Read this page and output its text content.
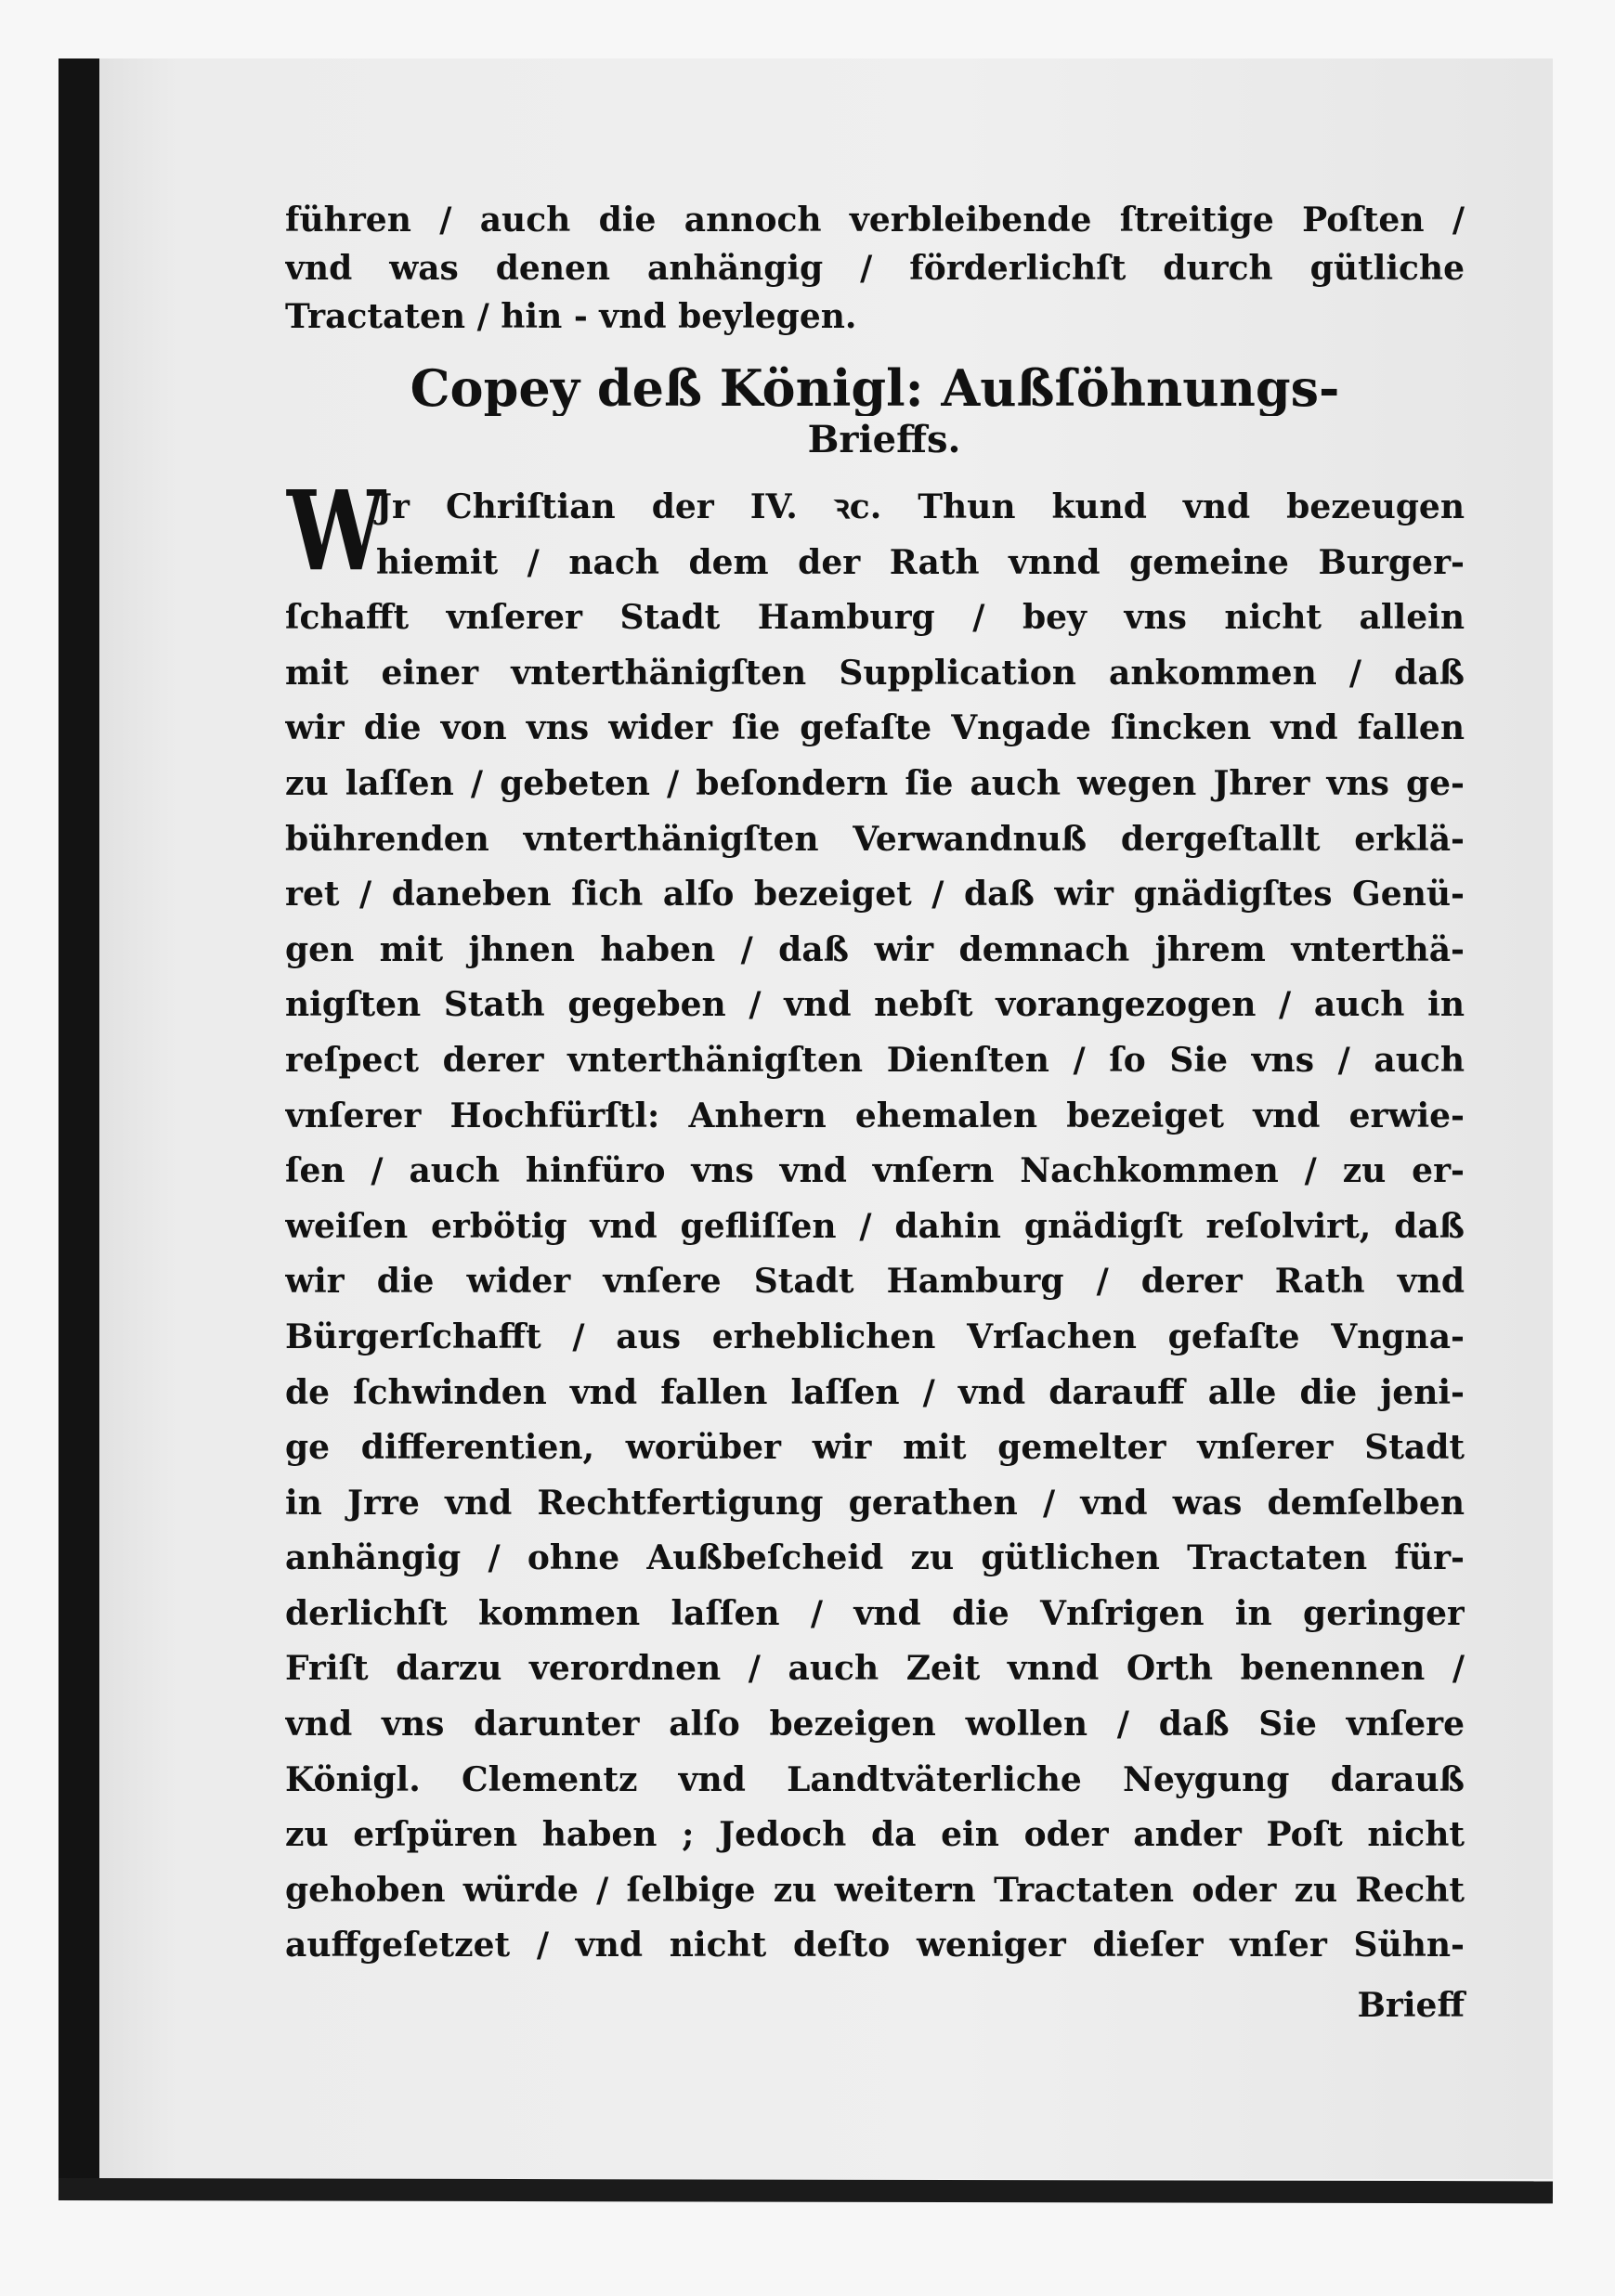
führen / auch die annoch verbleibende ſtreitige Poſten /
vnd was denen anhängig / förderlichſt durch gütliche
Tractaten / hin - vnd beylegen.
Copey deß Königl: Außſöhnungs-
Brieffs.
W
Jr Chriſtian der IV. ꝛc. Thun kund vnd bezeugen
hiemit / nach dem der Rath vnnd gemeine Burger-
ſchafft vnſerer Stadt Hamburg / bey vns nicht allein
mit einer vnterthänigſten Supplication ankommen / daß
wir die von vns wider ſie gefaſte Vngade ſincken vnd fallen
zu laſſen / gebeten / beſondern ſie auch wegen Jhrer vns ge-
bührenden vnterthänigſten Verwandnuß dergeſtallt erklä-
ret / daneben ſich alſo bezeiget / daß wir gnädigſtes Genü-
gen mit jhnen haben / daß wir demnach jhrem vnterthä-
nigſten Stath gegeben / vnd nebſt vorangezogen / auch in
reſpect derer vnterthänigſten Dienſten / ſo Sie vns / auch
vnſerer Hochfürſtl: Anhern ehemalen bezeiget vnd erwie-
ſen / auch hinfüro vns vnd vnſern Nachkommen / zu er-
weiſen erbötig vnd gefliſſen / dahin gnädigſt reſolvirt, daß
wir die wider vnſere Stadt Hamburg / derer Rath vnd
Bürgerſchafft / aus erheblichen Vrſachen gefaſte Vngna-
de ſchwinden vnd fallen laſſen / vnd darauff alle die jeni-
ge differentien, worüber wir mit gemelter vnſerer Stadt
in Jrre vnd Rechtfertigung gerathen / vnd was demſelben
anhängig / ohne Außbeſcheid zu gütlichen Tractaten für-
derlichſt kommen laſſen / vnd die Vnſrigen in geringer
Friſt darzu verordnen / auch Zeit vnnd Orth benennen /
vnd vns darunter alſo bezeigen wollen / daß Sie vnſere
Königl. Clementz vnd Landtväterliche Neygung darauß
zu erſpüren haben ; Jedoch da ein oder ander Poſt nicht
gehoben würde / ſelbige zu weitern Tractaten oder zu Recht
auffgeſetzet / vnd nicht deſto weniger dieſer vnſer Sühn-
Brieff
